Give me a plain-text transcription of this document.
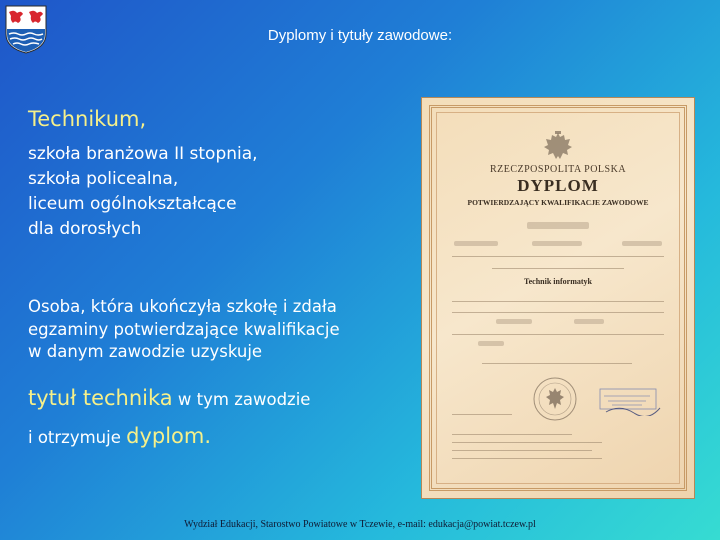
Dyplomy i tytuły zawodowe:
Technikum,
szkoła branżowa II stopnia,
szkoła policealna,
liceum ogólnokształcące
dla dorosłych
Osoba, która ukończyła szkołę i zdała
egzaminy potwierdzające kwalifikacje
w danym zawodzie uzyskuje
tytuł technika w tym zawodzie
i otrzymuje dyplom.
RZECZPOSPOLITA POLSKA
DYPLOM
POTWIERDZAJĄCY KWALIFIKACJE ZAWODOWE
Technik informatyk
Wydział Edukacji, Starostwo Powiatowe w Tczewie, e-mail: edukacja@powiat.tczew.pl
